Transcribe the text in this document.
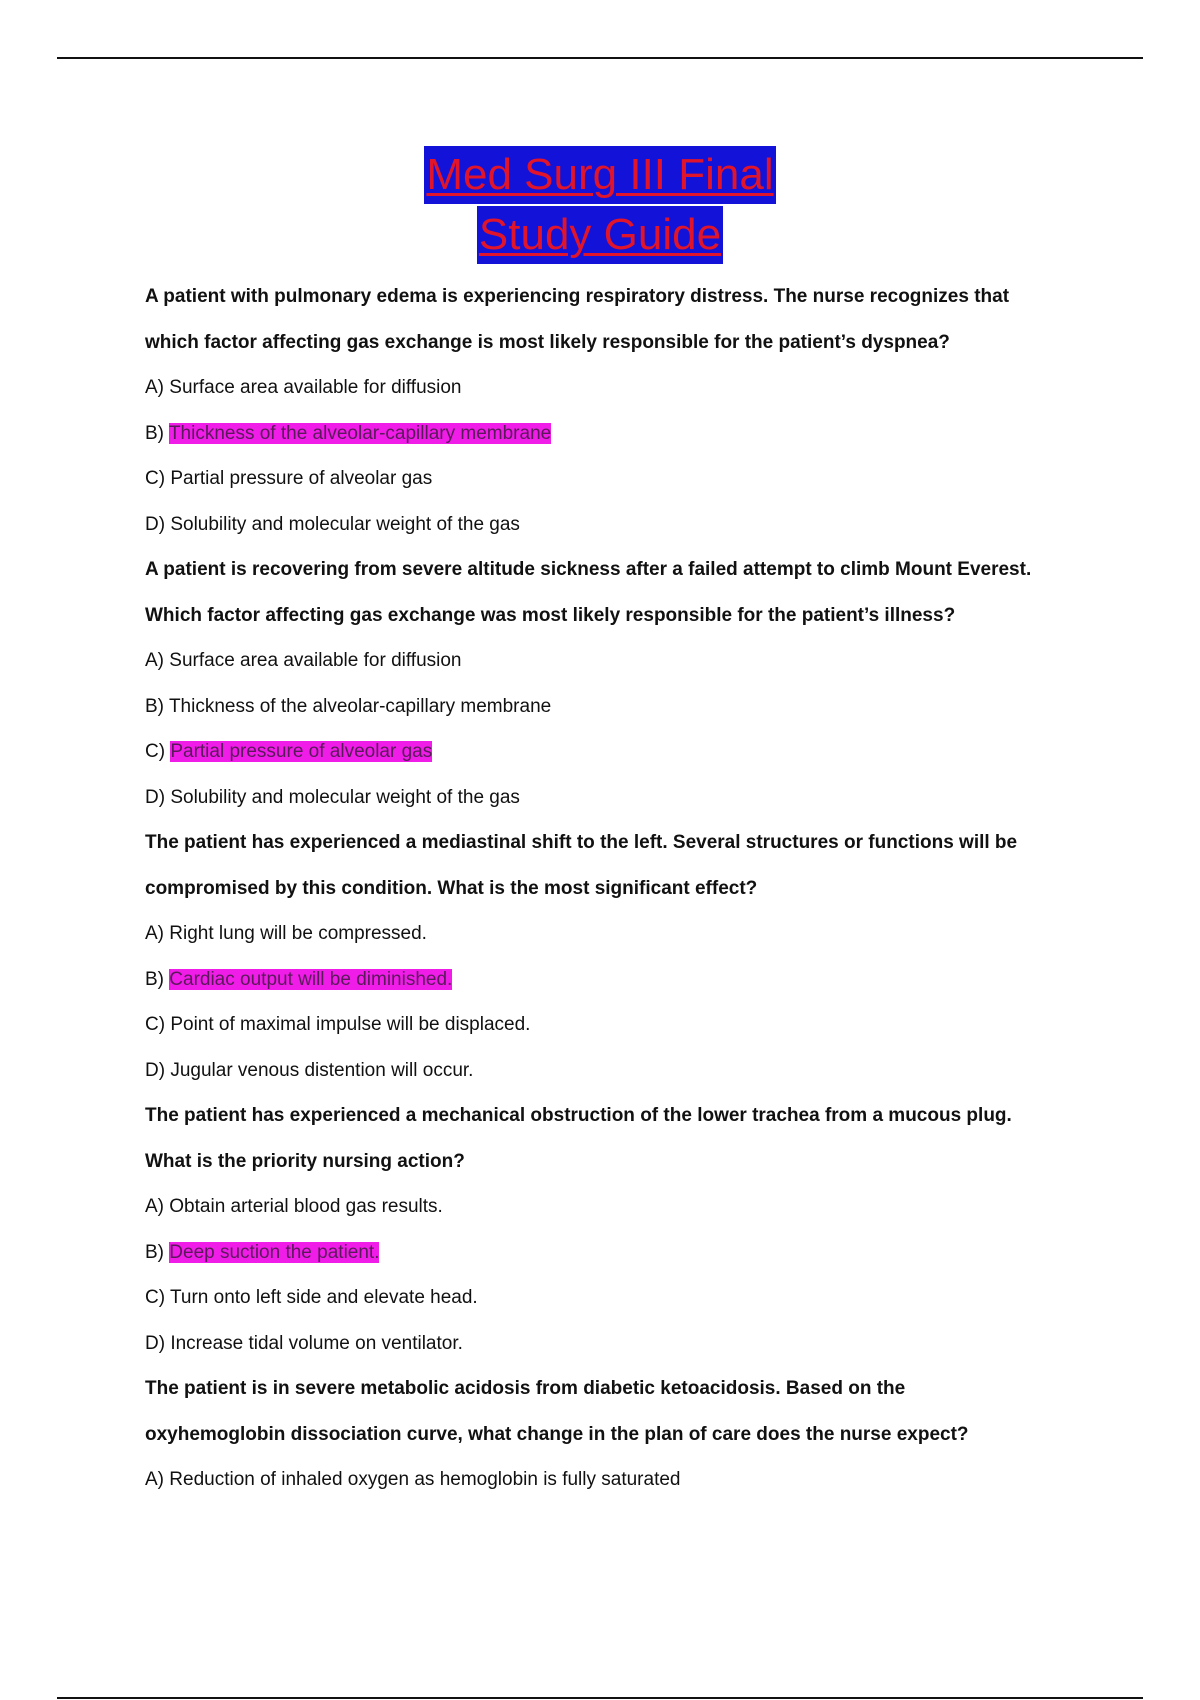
Med Surg III Final
Study Guide
A patient with pulmonary edema is experiencing respiratory distress. The nurse recognizes that
which factor affecting gas exchange is most likely responsible for the patient’s dyspnea?
A) Surface area available for diffusion
B) Thickness of the alveolar-capillary membrane
C) Partial pressure of alveolar gas
D) Solubility and molecular weight of the gas
A patient is recovering from severe altitude sickness after a failed attempt to climb Mount Everest.
Which factor affecting gas exchange was most likely responsible for the patient’s illness?
A) Surface area available for diffusion
B) Thickness of the alveolar-capillary membrane
C) Partial pressure of alveolar gas
D) Solubility and molecular weight of the gas
The patient has experienced a mediastinal shift to the left. Several structures or functions will be
compromised by this condition. What is the most significant effect?
A) Right lung will be compressed.
B) Cardiac output will be diminished.
C) Point of maximal impulse will be displaced.
D) Jugular venous distention will occur.
The patient has experienced a mechanical obstruction of the lower trachea from a mucous plug.
What is the priority nursing action?
A) Obtain arterial blood gas results.
B) Deep suction the patient.
C) Turn onto left side and elevate head.
D) Increase tidal volume on ventilator.
The patient is in severe metabolic acidosis from diabetic ketoacidosis. Based on the
oxyhemoglobin dissociation curve, what change in the plan of care does the nurse expect?
A) Reduction of inhaled oxygen as hemoglobin is fully saturated
